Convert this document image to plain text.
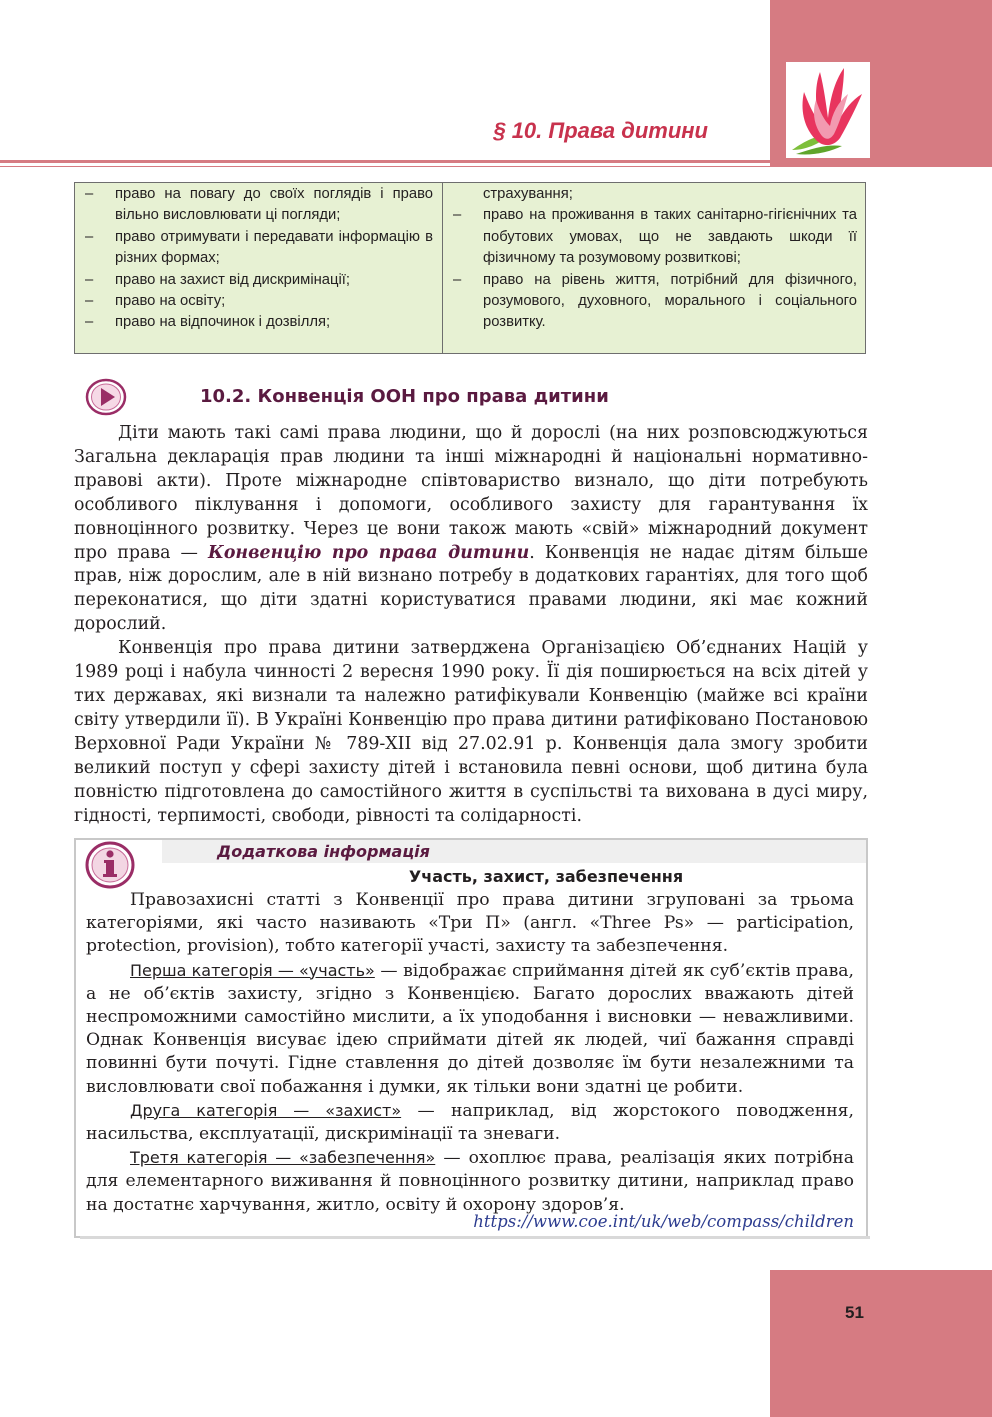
§ 10. Права дитини
– право на повагу до своїх поглядів і право вільно висловлювати ці погляди;
– право отримувати і передавати інформацію в різних формах;
– право на захист від дискримінації;
– право на освіту;
– право на відпочинок і дозвілля;
страхування;
– право на проживання в таких санітарно-гігієнічних та побутових умовах, що не завдають шкоди її фізичному та розумовому розвиткові;
– право на рівень життя, потрібний для фізичного, розумового, духовного, морального і соціального розвитку.
10.2. Конвенція ООН про права дитини

Діти мають такі самі права людини, що й дорослі (на них розповсюджуються Загальна декларація прав людини та інші міжнародні й національні нормативно-правові акти). Проте міжнародне співтовариство визнало, що діти потребують особливого піклування і допомоги, особливого захисту для гарантування їх повноцінного розвитку. Через це вони також мають «свій» міжнародний документ про права — Конвенцію про права дитини. Конвенція не надає дітям більше прав, ніж дорослим, але в ній визнано потребу в додаткових гарантіях, для того щоб переконатися, що діти здатні користуватися правами людини, які має кожний дорослий.

Конвенція про права дитини затверджена Організацією Об’єднаних Націй у 1989 році і набула чинності 2 вересня 1990 року. Її дія поширюється на всіх дітей у тих державах, які визнали та належно ратифікували Конвенцію (майже всі країни світу утвердили її). В Україні Конвенцію про права дитини ратифіковано Постановою Верховної Ради України № 789-XII від 27.02.91 р. Конвенція дала змогу зробити великий поступ у сфері захисту дітей і встановила певні основи, щоб дитина була повністю підготовлена до самостійного життя в суспільстві та вихована в дусі миру, гідності, терпимості, свободи, рівності та солідарності.

Додаткова інформація
Участь, захист, забезпечення

Правозахисні статті з Конвенції про права дитини згруповані за трьома категоріями, які часто називають «Три П» (англ. «Three Ps» — participation, protection, provision), тобто категорії участі, захисту та забезпечення.

Перша категорія — «участь» — відображає сприймання дітей як суб’єктів права, а не об’єктів захисту, згідно з Конвенцією. Багато дорослих вважають дітей неспроможними самостійно мислити, а їх уподобання і висновки — неважливими. Однак Конвенція висуває ідею сприймати дітей як людей, чиї бажання справді повинні бути почуті. Гідне ставлення до дітей дозволяє їм бути незалежними та висловлювати свої побажання і думки, як тільки вони здатні це робити.

Друга категорія — «захист» — наприклад, від жорстокого поводження, насильства, експлуатації, дискримінації та зневаги.

Третя категорія — «забезпечення» — охоплює права, реалізація яких потрібна для елементарного виживання й повноцінного розвитку дитини, наприклад право на достатнє харчування, житло, освіту й охорону здоров’я.

https://www.coe.int/uk/web/compass/children
51
